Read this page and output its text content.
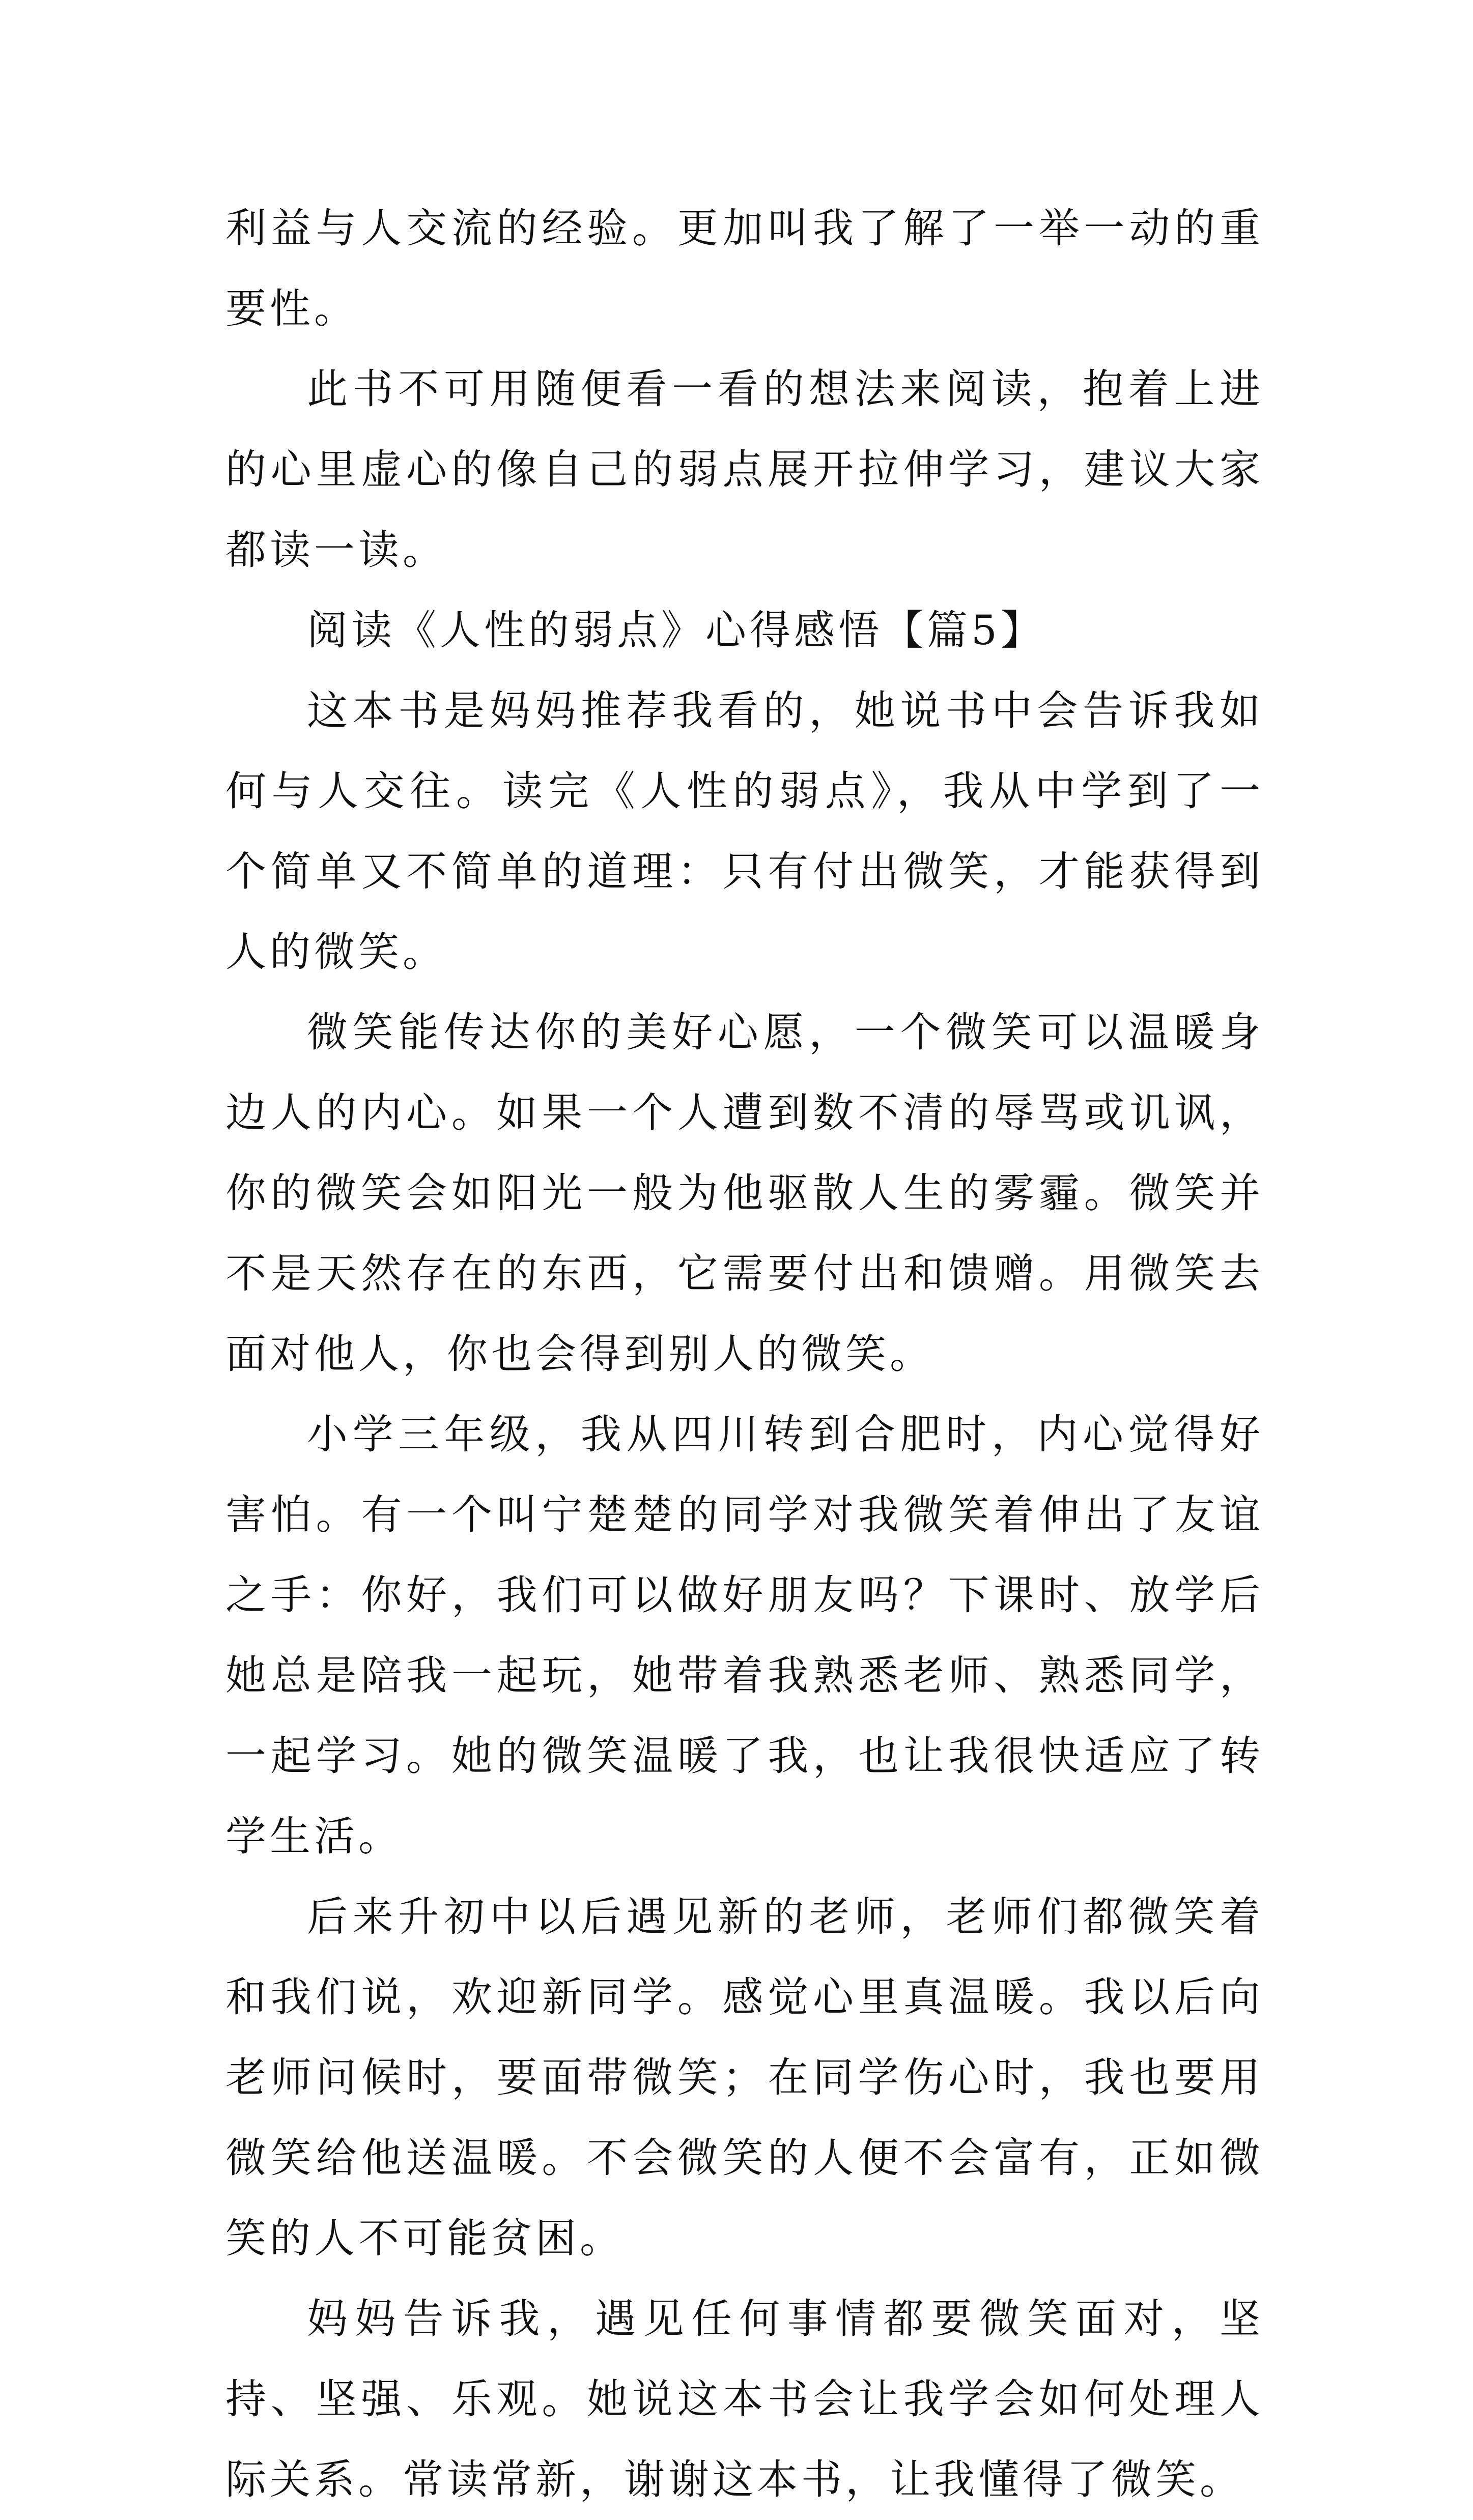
利益与人交流的经验。更加叫我了解了一举一动的重要性。

此书不可用随便看一看的想法来阅读，抱着上进的心里虚心的像自己的弱点展开拉伸学习，建议大家都读一读。

阅读《人性的弱点》心得感悟【篇5】

这本书是妈妈推荐我看的，她说书中会告诉我如何与人交往。读完《人性的弱点》，我从中学到了一个简单又不简单的道理：只有付出微笑，才能获得到人的微笑。

微笑能传达你的美好心愿，一个微笑可以温暖身边人的内心。如果一个人遭到数不清的辱骂或讥讽，你的微笑会如阳光一般为他驱散人生的雾霾。微笑并不是天然存在的东西，它需要付出和馈赠。用微笑去面对他人，你也会得到别人的微笑。

小学三年级，我从四川转到合肥时，内心觉得好害怕。有一个叫宁楚楚的同学对我微笑着伸出了友谊之手：你好，我们可以做好朋友吗？下课时、放学后她总是陪我一起玩，她带着我熟悉老师、熟悉同学，一起学习。她的微笑温暖了我，也让我很快适应了转学生活。

后来升初中以后遇见新的老师，老师们都微笑着和我们说，欢迎新同学。感觉心里真温暖。我以后向老师问候时，要面带微笑；在同学伤心时，我也要用微笑给他送温暖。不会微笑的人便不会富有，正如微笑的人不可能贫困。

妈妈告诉我，遇见任何事情都要微笑面对，坚持、坚强、乐观。她说这本书会让我学会如何处理人际关系。常读常新，谢谢这本书，让我懂得了微笑。
